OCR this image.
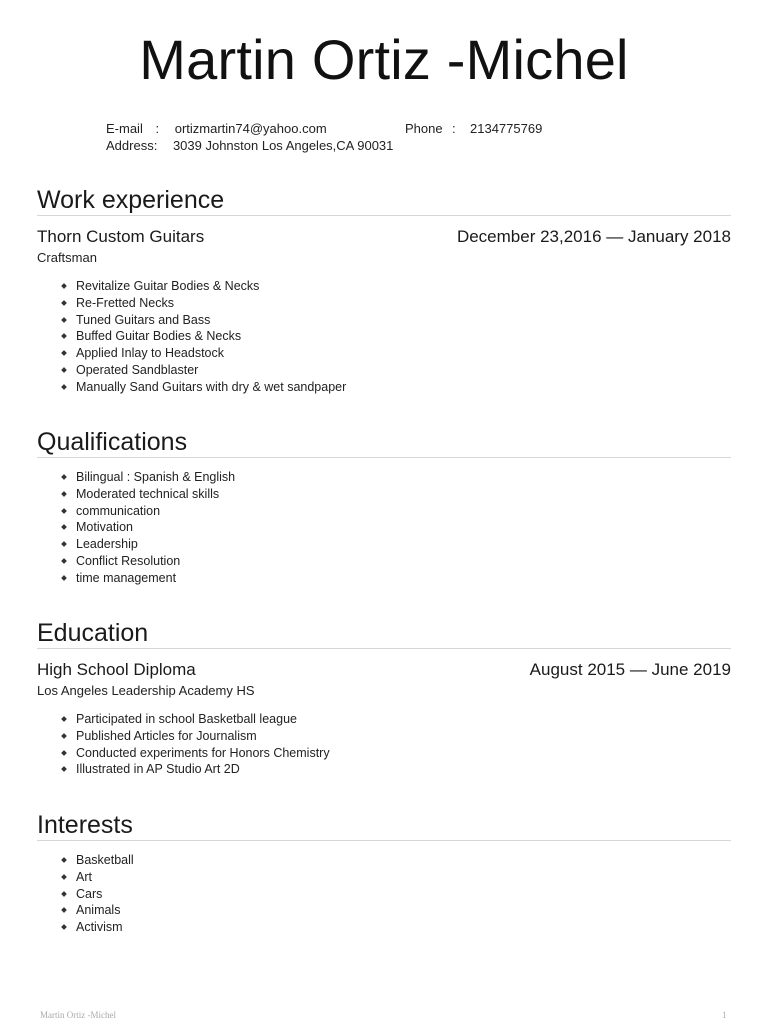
Martin Ortiz -Michel
E-mail : ortizmartin74@yahoo.com	Phone : 2134775769
Address: 3039 Johnston Los Angeles,CA 90031
Work experience
Thorn Custom Guitars	December 23,2016 — January 2018
Craftsman
Revitalize Guitar Bodies & Necks
Re-Fretted Necks
Tuned Guitars and Bass
Buffed Guitar Bodies & Necks
Applied Inlay to Headstock
Operated Sandblaster
Manually Sand Guitars with dry & wet sandpaper
Qualifications
Bilingual : Spanish & English
Moderated technical skills
communication
Motivation
Leadership
Conflict Resolution
time management
Education
High School Diploma	August 2015 — June 2019
Los Angeles Leadership Academy HS
Participated in school Basketball league
Published Articles for Journalism
Conducted experiments for Honors Chemistry
Illustrated in AP Studio Art 2D
Interests
Basketball
Art
Cars
Animals
Activism
Martin Ortiz -Michel	1
